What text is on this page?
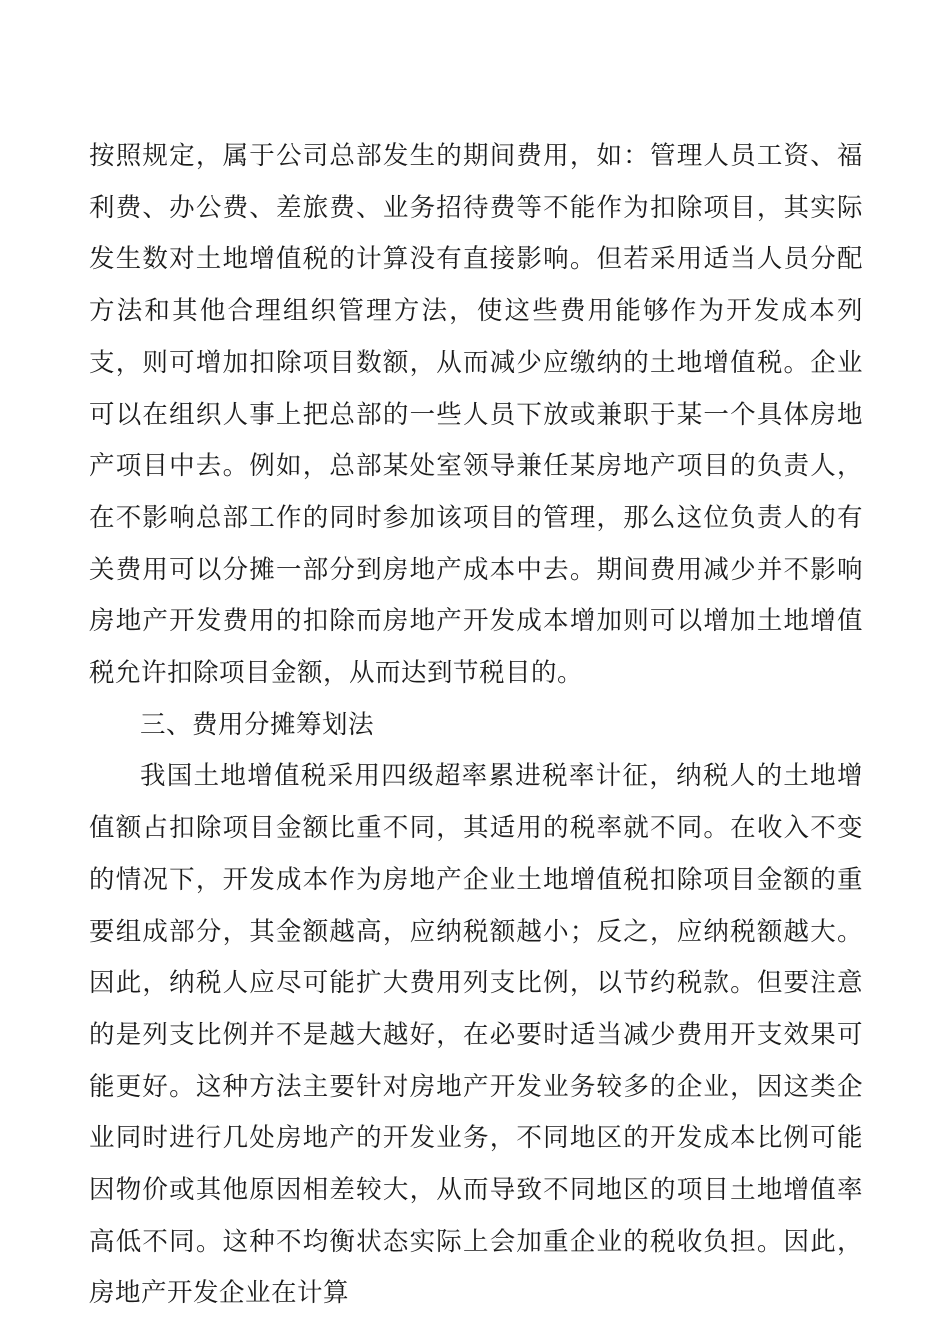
按照规定，属于公司总部发生的期间费用，如：管理人员工资、福利费、办公费、差旅费、业务招待费等不能作为扣除项目，其实际发生数对土地增值税的计算没有直接影响。但若采用适当人员分配方法和其他合理组织管理方法，使这些费用能够作为开发成本列支，则可增加扣除项目数额，从而减少应缴纳的土地增值税。企业可以在组织人事上把总部的一些人员下放或兼职于某一个具体房地产项目中去。例如，总部某处室领导兼任某房地产项目的负责人，在不影响总部工作的同时参加该项目的管理，那么这位负责人的有关费用可以分摊一部分到房地产成本中去。期间费用减少并不影响房地产开发费用的扣除而房地产开发成本增加则可以增加土地增值税允许扣除项目金额，从而达到节税目的。

三、费用分摊筹划法

我国土地增值税采用四级超率累进税率计征，纳税人的土地增值额占扣除项目金额比重不同，其适用的税率就不同。在收入不变的情况下，开发成本作为房地产企业土地增值税扣除项目金额的重要组成部分，其金额越高，应纳税额越小；反之，应纳税额越大。因此，纳税人应尽可能扩大费用列支比例，以节约税款。但要注意的是列支比例并不是越大越好，在必要时适当减少费用开支效果可能更好。这种方法主要针对房地产开发业务较多的企业，因这类企业同时进行几处房地产的开发业务，不同地区的开发成本比例可能因物价或其他原因相差较大，从而导致不同地区的项目土地增值率高低不同。这种不均衡状态实际上会加重企业的税收负担。因此，房地产开发企业在计算
